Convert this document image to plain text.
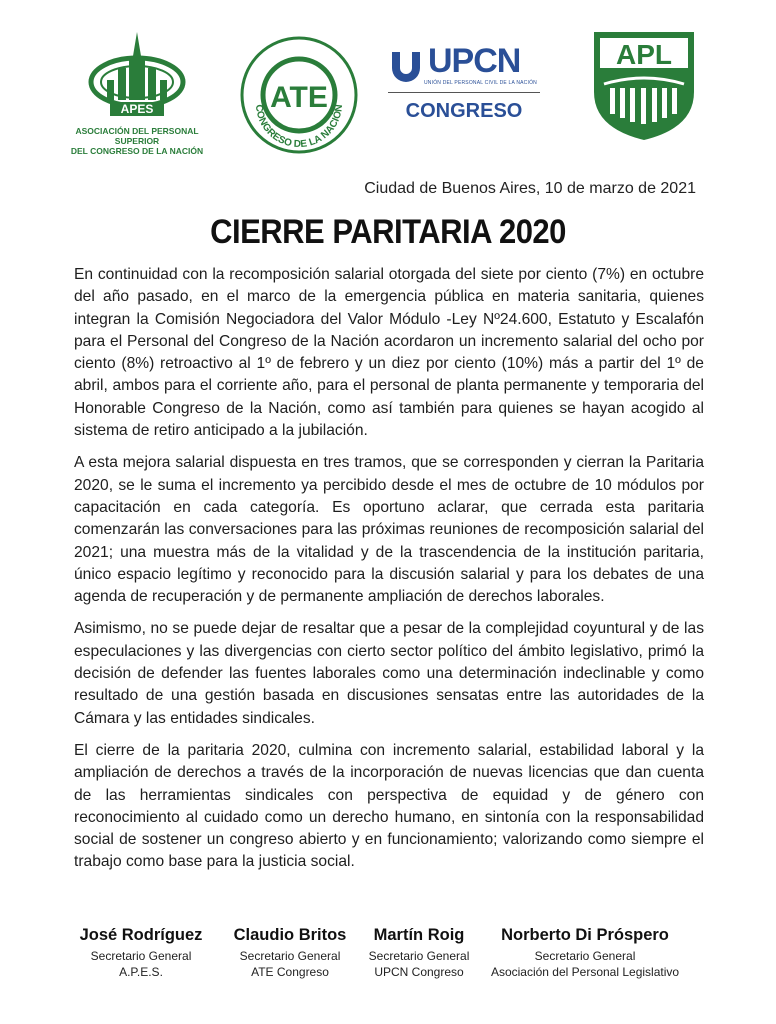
APES
ASOCIACIÓN DEL PERSONAL SUPERIOR
DEL CONGRESO DE LA NACIÓN
ATE
CONGRESO DE LA NACIÓN
UPCN
UNIÓN DEL PERSONAL CIVIL DE LA NACIÓN
CONGRESO
APL
Ciudad de Buenos Aires, 10 de marzo de 2021
CIERRE PARITARIA 2020

En continuidad con la recomposición salarial otorgada del siete por ciento (7%) en octubre del año pasado, en el marco de la emergencia pública en materia sanitaria, quienes integran la Comisión Negociadora del Valor Módulo -Ley Nº24.600, Estatuto y Escalafón para el Personal del Congreso de la Nación acordaron un incremento salarial del ocho por ciento (8%) retroactivo al 1º de febrero y un diez por ciento (10%) más a partir del 1º de abril, ambos para el corriente año, para el personal de planta permanente y temporaria del Honorable Congreso de la Nación, como así también para quienes se hayan acogido al sistema de retiro anticipado a la jubilación.

A esta mejora salarial dispuesta en tres tramos, que se corresponden y cierran la Paritaria 2020, se le suma el incremento ya percibido desde el mes de octubre de 10 módulos por capacitación en cada categoría. Es oportuno aclarar, que cerrada esta paritaria comenzarán las conversaciones para las próximas reuniones de recomposición salarial del 2021; una muestra más de la vitalidad y de la trascendencia de la institución paritaria, único espacio legítimo y reconocido para la discusión salarial y para los debates de una agenda de recuperación y de permanente ampliación de derechos laborales.

Asimismo, no se puede dejar de resaltar que a pesar de la complejidad coyuntural y de las especulaciones y las divergencias con cierto sector político del ámbito legislativo, primó la decisión de defender las fuentes laborales como una determinación indeclinable y como resultado de una gestión basada en discusiones sensatas entre las autoridades de la Cámara y las entidades sindicales.

El cierre de la paritaria 2020, culmina con incremento salarial, estabilidad laboral y la ampliación de derechos a través de la incorporación de nuevas licencias que dan cuenta de las herramientas sindicales con perspectiva de equidad y de género con reconocimiento al cuidado como un derecho humano, en sintonía con la responsabilidad social de sostener un congreso abierto y en funcionamiento; valorizando como siempre el trabajo como base para la justicia social.

José Rodríguez
Secretario General
A.P.E.S.
Claudio Britos
Secretario General
ATE Congreso
Martín Roig
Secretario General
UPCN Congreso
Norberto Di Próspero
Secretario General
Asociación del Personal Legislativo
